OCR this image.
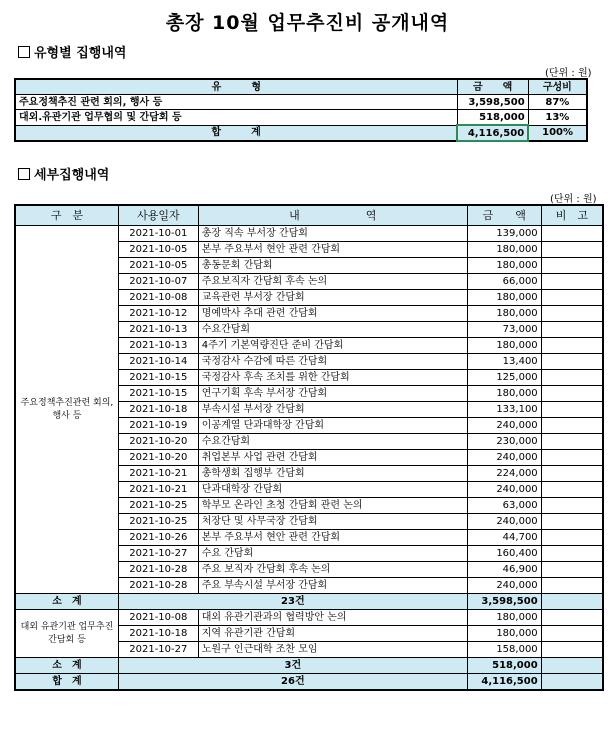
총장 10월 업무추진비 공개내역
유형별 집행내역
(단위 : 원)
유　　　형	금　　액	구성비
주요정책추진 관련 회의, 행사 등	3,598,500	87%
대외.유관기관 업무협의 및 간담회 등	518,000	13%
합　　　계	4,116,500	100%
세부집행내역
(단위 : 원)
구　분	사용일자	내　　　　　　역	금　　액	비　고
주요정책추진관련 회의, 행사 등	2021-10-01	총장 직속 부서장 간담회	139,000	
	2021-10-05	본부 주요부서 현안 관련 간담회	180,000	
	2021-10-05	총동문회 간담회	180,000	
	2021-10-07	주요보직자 간담회 후속 논의	66,000	
	2021-10-08	교육관련 부서장 간담회	180,000	
	2021-10-12	명예박사 추대 관련 간담회	180,000	
	2021-10-13	수요간담회	73,000	
	2021-10-13	4주기 기본역량진단 준비 간담회	180,000	
	2021-10-14	국정감사 수감에 따른 간담회	13,400	
	2021-10-15	국정감사 후속 조치를 위한 간담회	125,000	
	2021-10-15	연구기획 후속 부서장 간담회	180,000	
	2021-10-18	부속시설 부서장 간담회	133,100	
	2021-10-19	이공계열 단과대학장 간담회	240,000	
	2021-10-20	수요간담회	230,000	
	2021-10-20	취업본부 사업 관련 간담회	240,000	
	2021-10-21	총학생회 집행부 간담회	224,000	
	2021-10-21	단과대학장 간담회	240,000	
	2021-10-25	학부모 온라인 초청 간담회 관련 논의	63,000	
	2021-10-25	처장단 및 사무국장 간담회	240,000	
	2021-10-26	본부 주요부서 현안 관련 간담회	44,700	
	2021-10-27	수요 간담회	160,400	
	2021-10-28	주요 보직자 간담회 후속 논의	46,900	
	2021-10-28	주요 부속시설 부서장 간담회	240,000	
소　계	23건		3,598,500	
대외 유관기관 업무추진 간담회 등	2021-10-08	대외 유관기관과의 협력방안 논의	180,000	
	2021-10-18	지역 유관기관 간담회	180,000	
	2021-10-27	노원구 인근대학 조찬 모임	158,000	
소　계	3건		518,000	
합　계	26건		4,116,500	
